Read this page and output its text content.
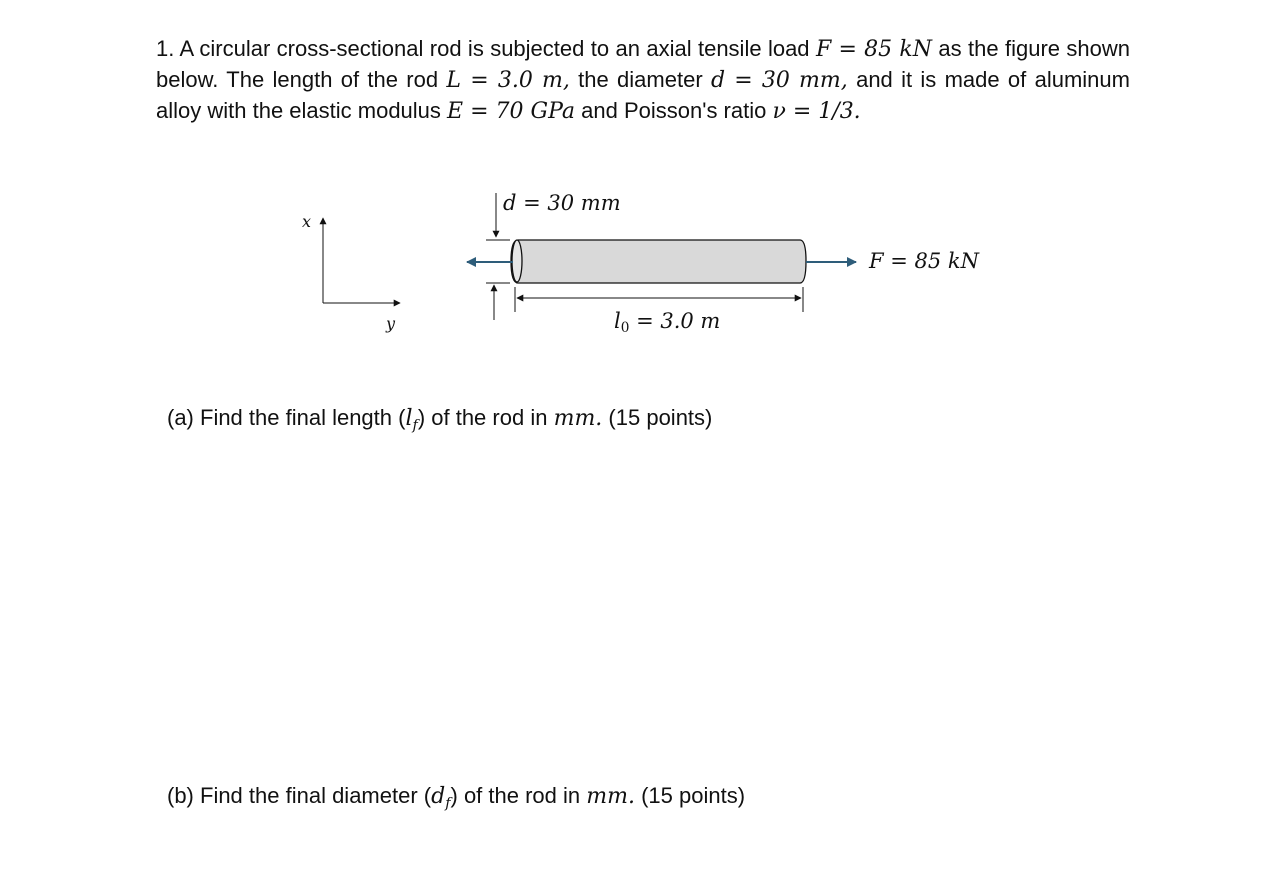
1. A circular cross-sectional rod is subjected to an axial tensile load F = 85 kN as the figure shown below. The length of the rod L = 3.0 m, the diameter d = 30 mm, and it is made of aluminum alloy with the elastic modulus E = 70 GPa and Poisson's ratio ν = 1/3.

x
y
d = 30 mm
$l_0 = 3.0$ m
F = 85 kN

(a) Find the final length $(l_f)$ of the rod in mm. (15 points)

(b) Find the final diameter $(d_f)$ of the rod in mm. (15 points)
